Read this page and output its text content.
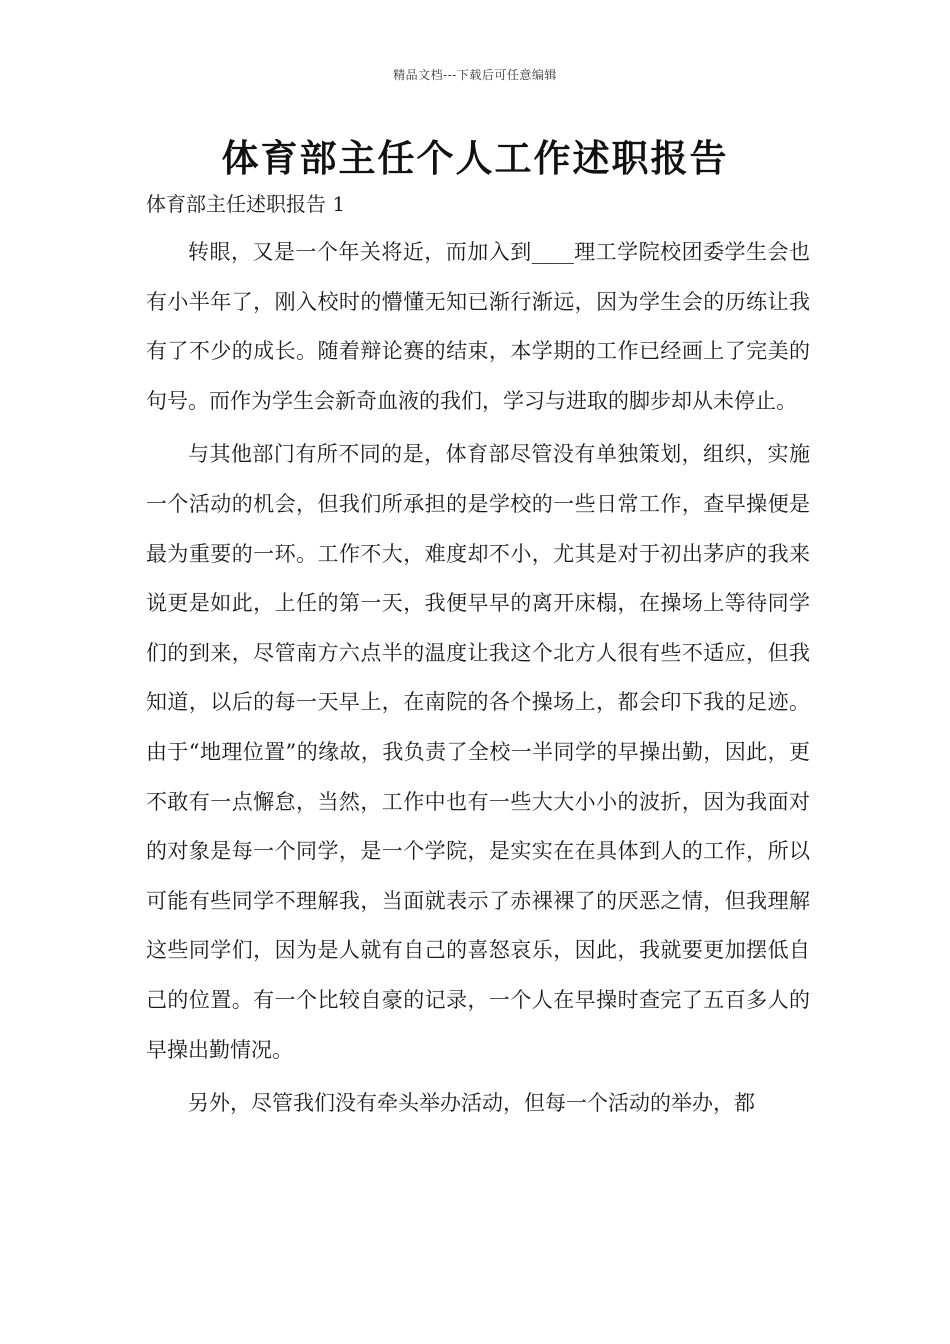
精品文档---下载后可任意编辑
体育部主任个人工作述职报告
体育部主任述职报告 1

转眼，又是一个年关将近，而加入到____理工学院校团委学生会也有小半年了，刚入校时的懵懂无知已渐行渐远，因为学生会的历练让我有了不少的成长。随着辩论赛的结束，本学期的工作已经画上了完美的句号。而作为学生会新奇血液的我们，学习与进取的脚步却从未停止。

与其他部门有所不同的是，体育部尽管没有单独策划，组织，实施一个活动的机会，但我们所承担的是学校的一些日常工作，查早操便是最为重要的一环。工作不大，难度却不小，尤其是对于初出茅庐的我来说更是如此，上任的第一天，我便早早的离开床榻，在操场上等待同学们的到来，尽管南方六点半的温度让我这个北方人很有些不适应，但我知道，以后的每一天早上，在南院的各个操场上，都会印下我的足迹。由于“地理位置”的缘故，我负责了全校一半同学的早操出勤，因此，更不敢有一点懈怠，当然，工作中也有一些大大小小的波折，因为我面对的对象是每一个同学，是一个学院，是实实在在具体到人的工作，所以可能有些同学不理解我，当面就表示了赤裸裸了的厌恶之情，但我理解这些同学们，因为是人就有自己的喜怒哀乐，因此，我就要更加摆低自己的位置。有一个比较自豪的记录，一个人在早操时查完了五百多人的早操出勤情况。

另外，尽管我们没有牵头举办活动，但每一个活动的举办，都
